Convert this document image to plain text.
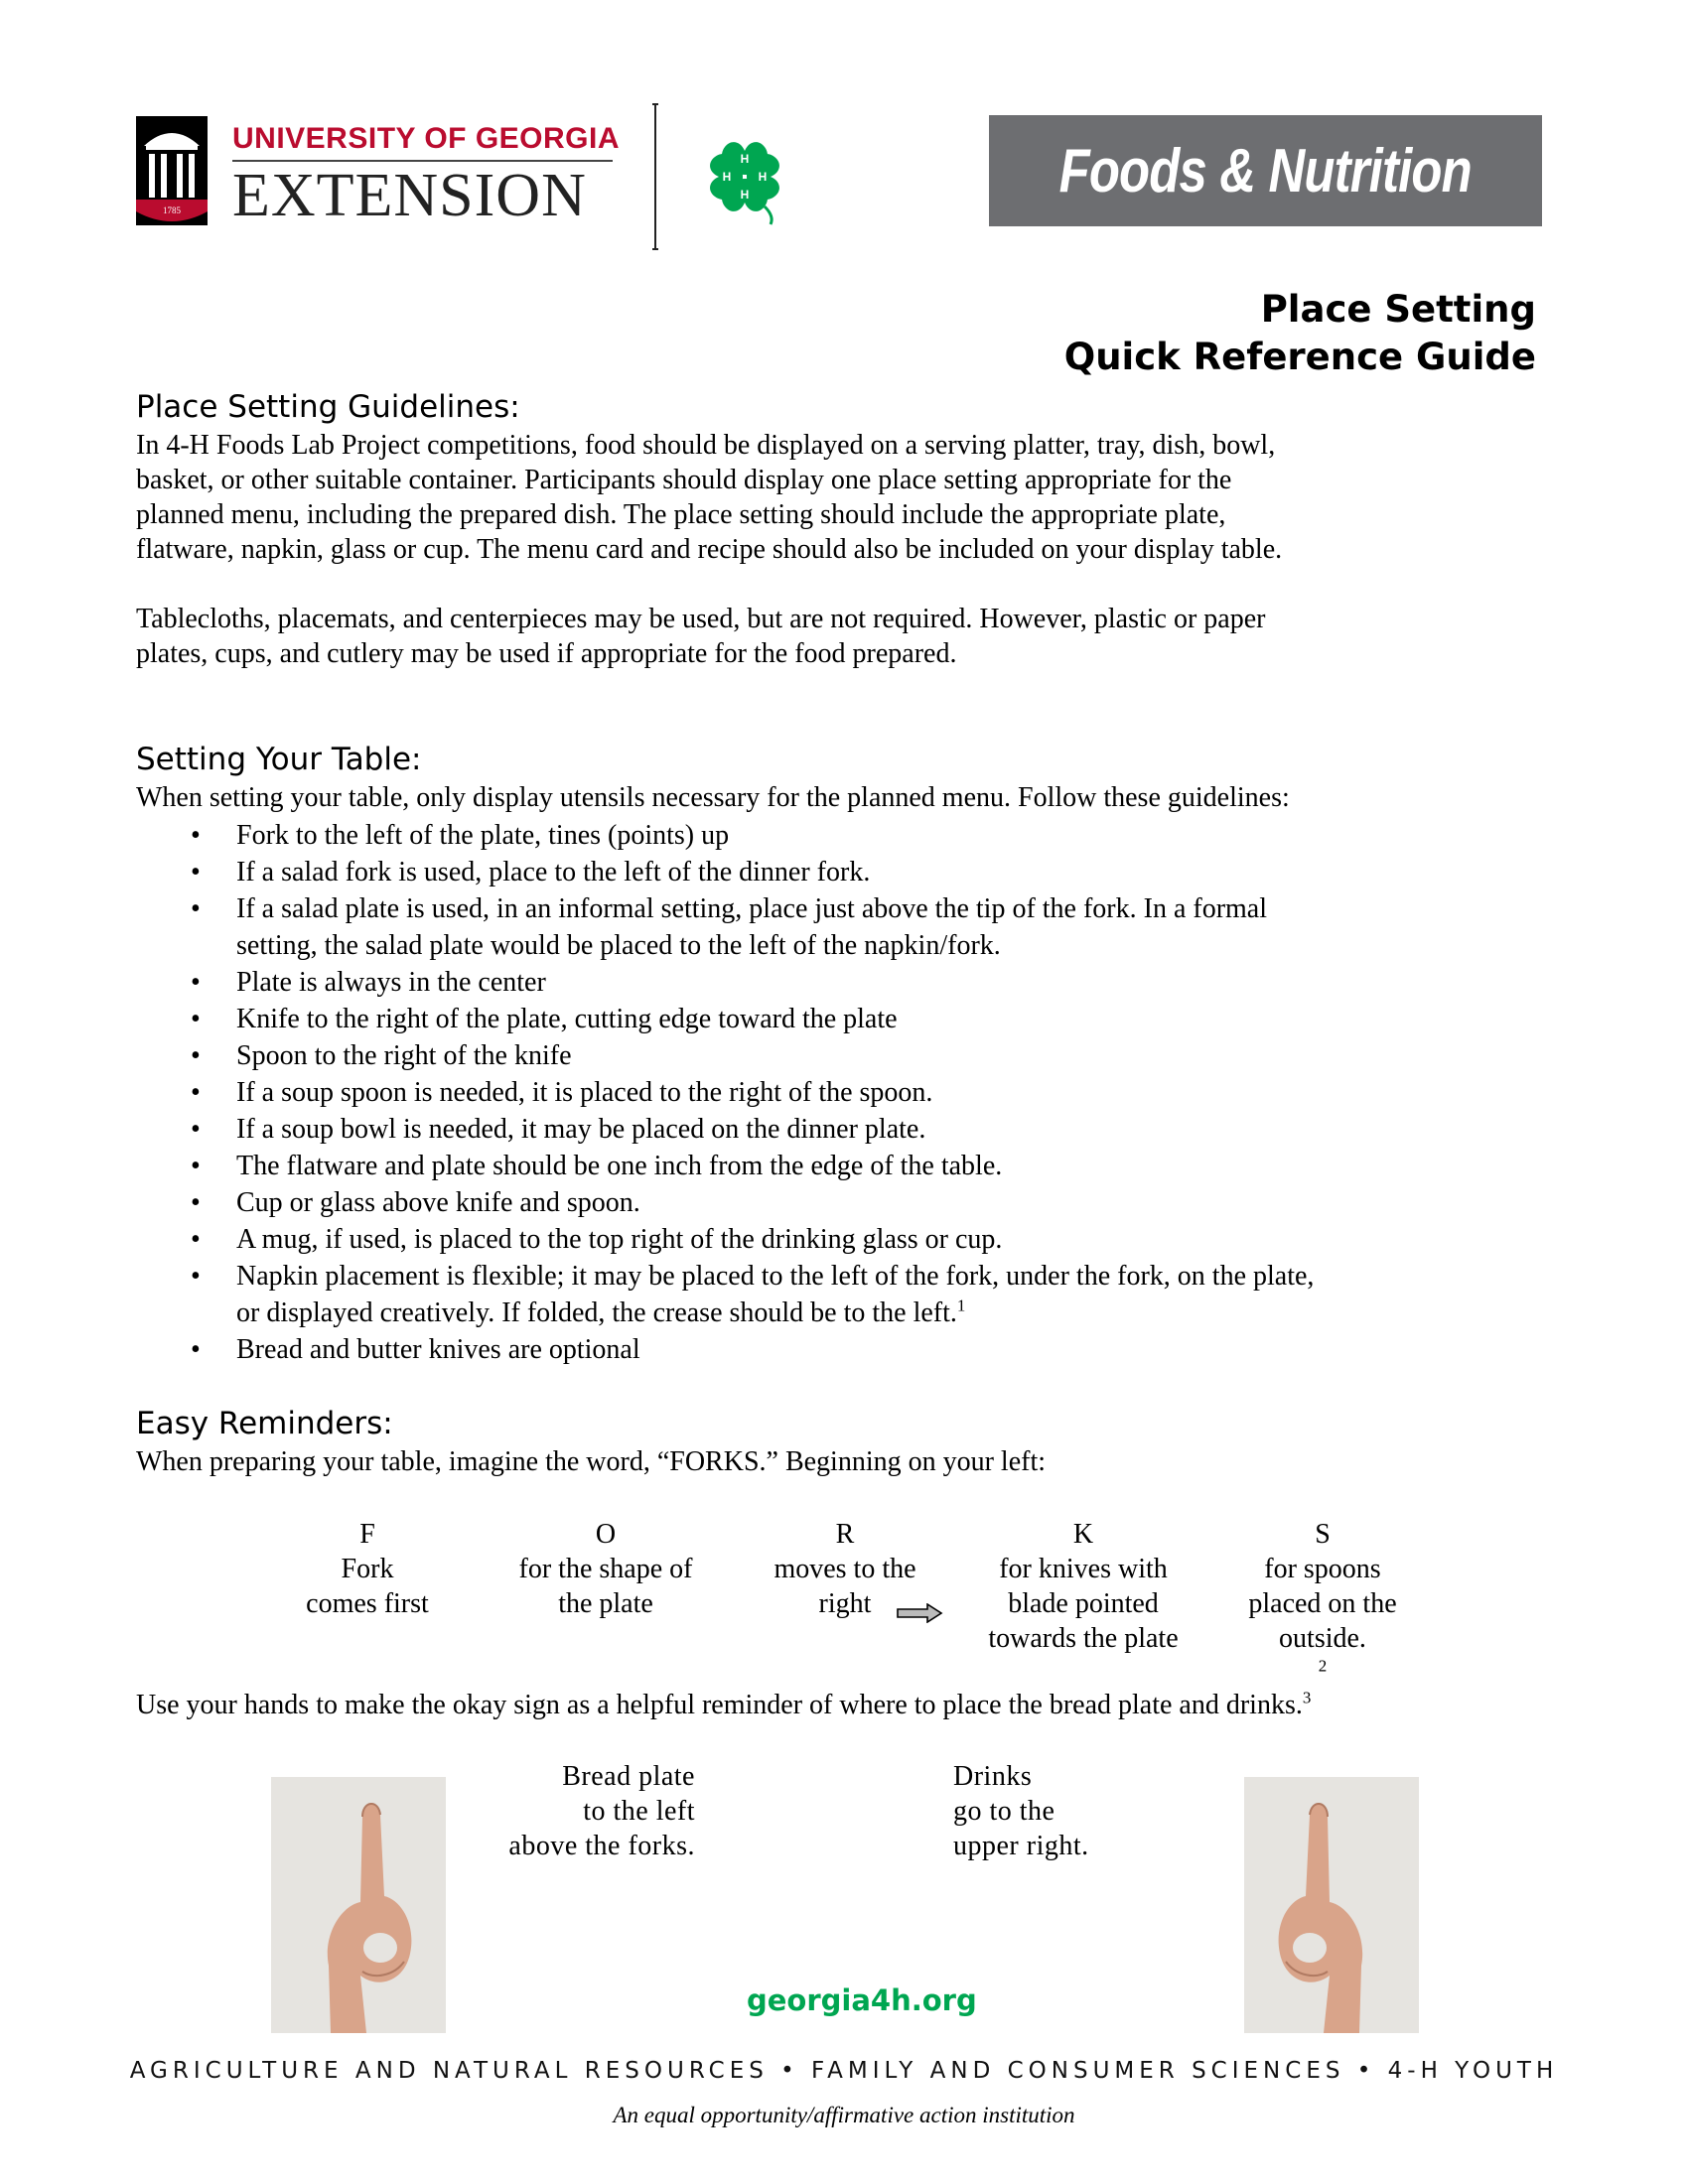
1785
UNIVERSITY OF GEORGIA
EXTENSION
H
H
H H	Foods & Nutrition
Place Setting
Quick Reference Guide
Place Setting Guidelines:

In 4-H Foods Lab Project competitions, food should be displayed on a serving platter, tray, dish, bowl,
basket, or other suitable container. Participants should display one place setting appropriate for the
planned menu, including the prepared dish. The place setting should include the appropriate plate,
flatware, napkin, glass or cup. The menu card and recipe should also be included on your display table.

Tablecloths, placemats, and centerpieces may be used, but are not required. However, plastic or paper
plates, cups, and cutlery may be used if appropriate for the food prepared.

Setting Your Table:

When setting your table, only display utensils necessary for the planned menu. Follow these guidelines:

• Fork to the left of the plate, tines (points) up
• If a salad fork is used, place to the left of the dinner fork.
• If a salad plate is used, in an informal setting, place just above the tip of the fork. In a formal
setting, the salad plate would be placed to the left of the napkin/fork.
• Plate is always in the center
• Knife to the right of the plate, cutting edge toward the plate
• Spoon to the right of the knife
• If a soup spoon is needed, it is placed to the right of the spoon.
• If a soup bowl is needed, it may be placed on the dinner plate.
• The flatware and plate should be one inch from the edge of the table.
• Cup or glass above knife and spoon.
• A mug, if used, is placed to the top right of the drinking glass or cup.
• Napkin placement is flexible; it may be placed to the left of the fork, under the fork, on the plate,
or displayed creatively. If folded, the crease should be to the left.$^1$
• Bread and butter knives are optional
Easy Reminders:

When preparing your table, imagine the word, “FORKS.” Beginning on your left:

F
Fork
comes first
O
for the shape of
the plate
R
moves to the
right
K
for knives with
blade pointed
towards the plate
S
for spoons
placed on the
outside.
$^2$
Use your hands to make the okay sign as a helpful reminder of where to place the bread plate and drinks.$^3$
Bread plate
to the left
above the forks.
Drinks
go to the
upper right.
georgia4h.org
AGRICULTURE AND NATURAL RESOURCES • FAMILY AND CONSUMER SCIENCES • 4-H YOUTH
An equal opportunity/affirmative action institution
